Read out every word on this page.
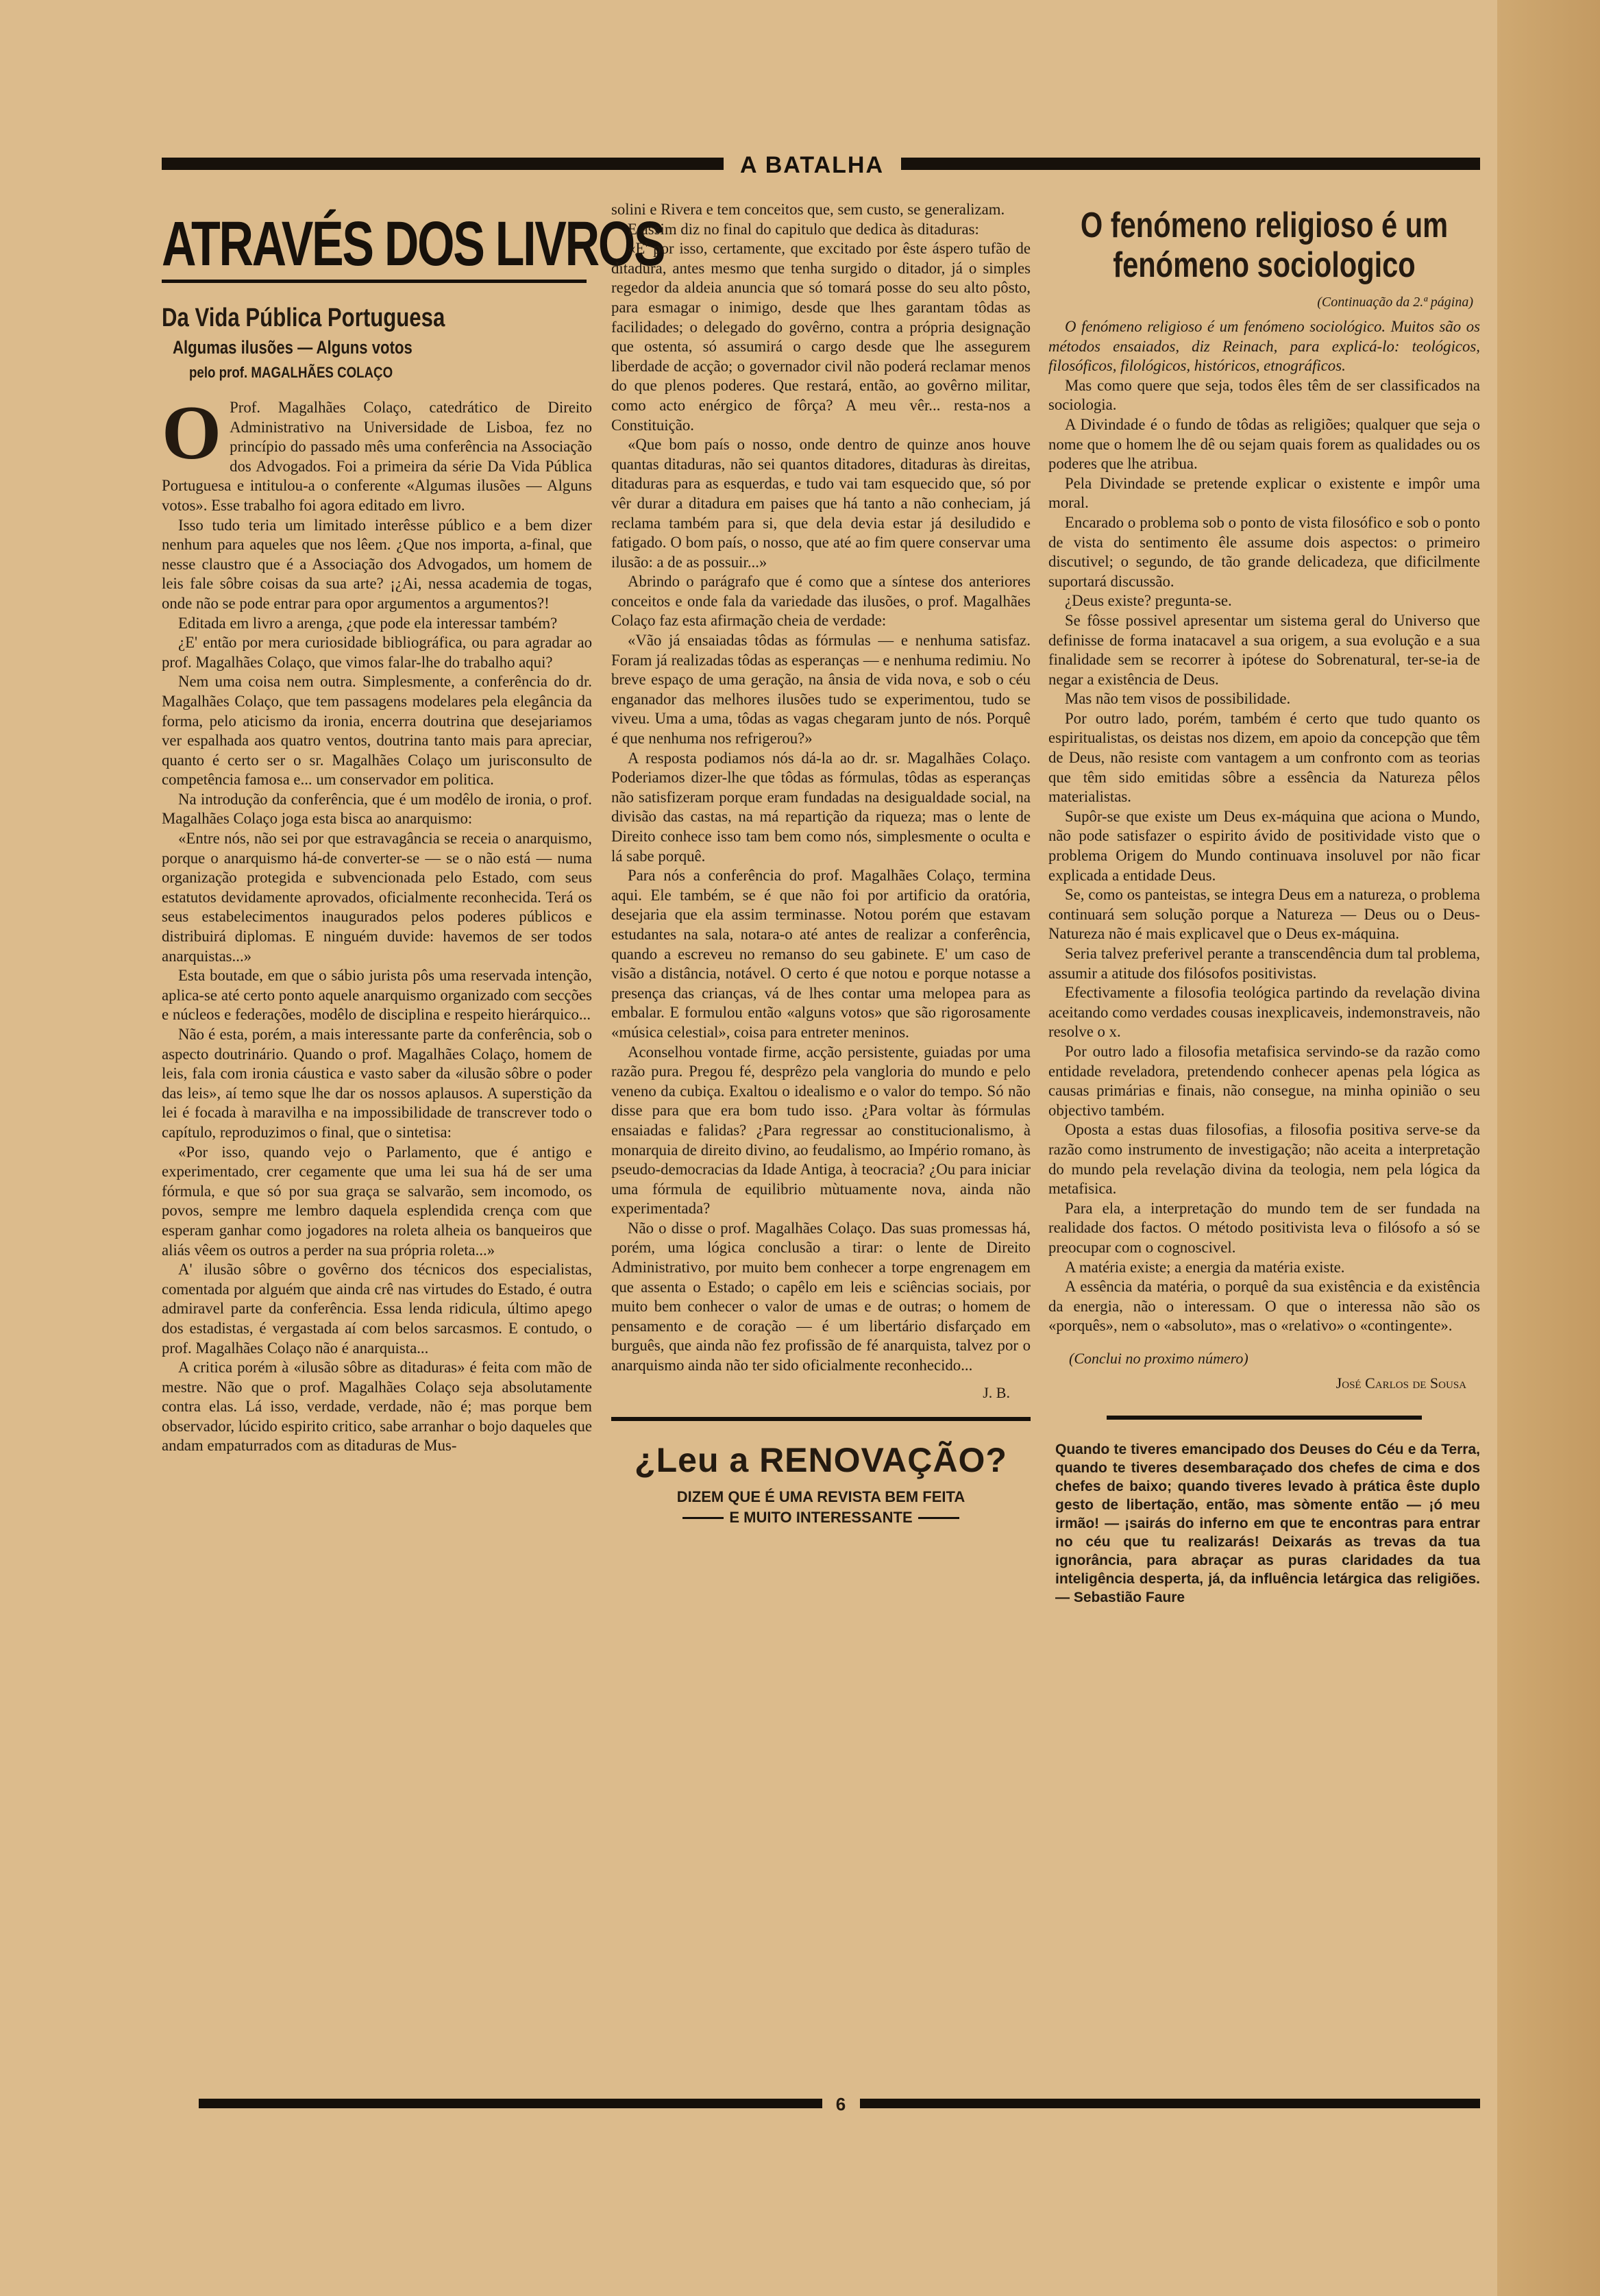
A BATALHA
ATRAVÉS DOS LIVROS
Da Vida Pública Portuguesa
Algumas ilusões — Alguns votos
pelo prof. MAGALHÃES COLAÇO

O Prof. Magalhães Colaço, catedrático de Direito Administrativo na Universidade de Lisboa, fez no princípio do passado mês uma conferência na Associação dos Advogados. Foi a primeira da série Da Vida Pública Portuguesa e intitulou-a o conferente «Algumas ilusões — Alguns votos». Esse trabalho foi agora editado em livro.

Isso tudo teria um limitado interêsse público e a bem dizer nenhum para aqueles que nos lêem. ¿Que nos importa, a-final, que nesse claustro que é a Associação dos Advogados, um homem de leis fale sôbre coisas da sua arte? ¡¿Ai, nessa academia de togas, onde não se pode entrar para opor argumentos a argumentos?!

Editada em livro a arenga, ¿que pode ela interessar também?

¿E' então por mera curiosidade bibliográfica, ou para agradar ao prof. Magalhães Colaço, que vimos falar-lhe do trabalho aqui?

Nem uma coisa nem outra. Simplesmente, a conferência do dr. Magalhães Colaço, que tem passagens modelares pela elegância da forma, pelo aticismo da ironia, encerra doutrina que desejariamos ver espalhada aos quatro ventos, doutrina tanto mais para apreciar, quanto é certo ser o sr. Magalhães Colaço um jurisconsulto de competência famosa e... um conservador em politica.

Na introdução da conferência, que é um modêlo de ironia, o prof. Magalhães Colaço joga esta bisca ao anarquismo:

«Entre nós, não sei por que estravagância se receia o anarquismo, porque o anarquismo há-de converter-se — se o não está — numa organização protegida e subvencionada pelo Estado, com seus estatutos devidamente aprovados, oficialmente reconhecida. Terá os seus estabelecimentos inaugurados pelos poderes públicos e distribuirá diplomas. E ninguém duvide: havemos de ser todos anarquistas...»

Esta boutade, em que o sábio jurista pôs uma reservada intenção, aplica-se até certo ponto aquele anarquismo organizado com secções e núcleos e federações, modêlo de disciplina e respeito hierárquico...

Não é esta, porém, a mais interessante parte da conferência, sob o aspecto doutrinário. Quando o prof. Magalhães Colaço, homem de leis, fala com ironia cáustica e vasto saber da «ilusão sôbre o poder das leis», aí temo sque lhe dar os nossos aplausos. A superstição da lei é focada à maravilha e na impossibilidade de transcrever todo o capítulo, reproduzimos o final, que o sintetisa:

«Por isso, quando vejo o Parlamento, que é antigo e experimentado, crer cegamente que uma lei sua há de ser uma fórmula, e que só por sua graça se salvarão, sem incomodo, os povos, sempre me lembro daquela esplendida crença com que esperam ganhar como jogadores na roleta alheia os banqueiros que aliás vêem os outros a perder na sua própria roleta...»

A' ilusão sôbre o govêrno dos técnicos dos especialistas, comentada por alguém que ainda crê nas virtudes do Estado, é outra admiravel parte da conferência. Essa lenda ridicula, último apego dos estadistas, é vergastada aí com belos sarcasmos. E contudo, o prof. Magalhães Colaço não é anarquista...

A critica porém à «ilusão sôbre as ditaduras» é feita com mão de mestre. Não que o prof. Magalhães Colaço seja absolutamente contra elas. Lá isso, verdade, verdade, não é; mas porque bem observador, lúcido espirito critico, sabe arranhar o bojo daqueles que andam empaturrados com as ditaduras de Mus-

solini e Rivera e tem conceitos que, sem custo, se generalizam.

E assim diz no final do capitulo que dedica às ditaduras:

«E' por isso, certamente, que excitado por êste áspero tufão de ditadura, antes mesmo que tenha surgido o ditador, já o simples regedor da aldeia anuncia que só tomará posse do seu alto pôsto, para esmagar o inimigo, desde que lhes garantam tôdas as facilidades; o delegado do govêrno, contra a própria designação que ostenta, só assumirá o cargo desde que lhe assegurem liberdade de acção; o governador civil não poderá reclamar menos do que plenos poderes. Que restará, então, ao govêrno militar, como acto enérgico de fôrça? A meu vêr... resta-nos a Constituição.

«Que bom país o nosso, onde dentro de quinze anos houve quantas ditaduras, não sei quantos ditadores, ditaduras às direitas, ditaduras para as esquerdas, e tudo vai tam esquecido que, só por vêr durar a ditadura em paises que há tanto a não conheciam, já reclama também para si, que dela devia estar já desiludido e fatigado. O bom país, o nosso, que até ao fim quere conservar uma ilusão: a de as possuir...»

Abrindo o parágrafo que é como que a síntese dos anteriores conceitos e onde fala da variedade das ilusões, o prof. Magalhães Colaço faz esta afirmação cheia de verdade:

«Vão já ensaiadas tôdas as fórmulas — e nenhuma satisfaz. Foram já realizadas tôdas as esperanças — e nenhuma redimiu. No breve espaço de uma geração, na ânsia de vida nova, e sob o céu enganador das melhores ilusões tudo se experimentou, tudo se viveu. Uma a uma, tôdas as vagas chegaram junto de nós. Porquê é que nenhuma nos refrigerou?»

A resposta podiamos nós dá-la ao dr. sr. Magalhães Colaço. Poderiamos dizer-lhe que tôdas as fórmulas, tôdas as esperanças não satisfizeram porque eram fundadas na desigualdade social, na divisão das castas, na má repartição da riqueza; mas o lente de Direito conhece isso tam bem como nós, simplesmente o oculta e lá sabe porquê.

Para nós a conferência do prof. Magalhães Colaço, termina aqui. Ele também, se é que não foi por artificio da oratória, desejaria que ela assim terminasse. Notou porém que estavam estudantes na sala, notara-o até antes de realizar a conferência, quando a escreveu no remanso do seu gabinete. E' um caso de visão a distância, notável. O certo é que notou e porque notasse a presença das crianças, vá de lhes contar uma melopea para as embalar. E formulou então «alguns votos» que são rigorosamente «música celestial», coisa para entreter meninos.

Aconselhou vontade firme, acção persistente, guiadas por uma razão pura. Pregou fé, desprêzo pela vangloria do mundo e pelo veneno da cubiça. Exaltou o idealismo e o valor do tempo. Só não disse para que era bom tudo isso. ¿Para voltar às fórmulas ensaiadas e falidas? ¿Para regressar ao constitucionalismo, à monarquia de direito divino, ao feudalismo, ao Império romano, às pseudo-democracias da Idade Antiga, à teocracia? ¿Ou para iniciar uma fórmula de equilibrio mùtuamente nova, ainda não experimentada?

Não o disse o prof. Magalhães Colaço. Das suas promessas há, porém, uma lógica conclusão a tirar: o lente de Direito Administrativo, por muito bem conhecer a torpe engrenagem em que assenta o Estado; o capêlo em leis e sciências sociais, por muito bem conhecer o valor de umas e de outras; o homem de pensamento e de coração — é um libertário disfarçado em burguês, que ainda não fez profissão de fé anarquista, talvez por o anarquismo ainda não ter sido oficialmente reconhecido...

J. B.
¿Leu a RENOVAÇÃO?
DIZEM QUE É UMA REVISTA BEM FEITA
E MUITO INTERESSANTE
O fenómeno religioso é um fenómeno sociologico
(Continuação da 2.ª página)

O fenómeno religioso é um fenómeno sociológico. Muitos são os métodos ensaiados, diz Reinach, para explicá-lo: teológicos, filosóficos, filológicos, históricos, etnográficos.

Mas como quere que seja, todos êles têm de ser classificados na sociologia.

A Divindade é o fundo de tôdas as religiões; qualquer que seja o nome que o homem lhe dê ou sejam quais forem as qualidades ou os poderes que lhe atribua.

Pela Divindade se pretende explicar o existente e impôr uma moral.

Encarado o problema sob o ponto de vista filosófico e sob o ponto de vista do sentimento êle assume dois aspectos: o primeiro discutivel; o segundo, de tão grande delicadeza, que dificilmente suportará discussão.

¿Deus existe? pregunta-se.

Se fôsse possivel apresentar um sistema geral do Universo que definisse de forma inatacavel a sua origem, a sua evolução e a sua finalidade sem se recorrer à ipótese do Sobrenatural, ter-se-ia de negar a existência de Deus.

Mas não tem visos de possibilidade.

Por outro lado, porém, também é certo que tudo quanto os espiritualistas, os deistas nos dizem, em apoio da concepção que têm de Deus, não resiste com vantagem a um confronto com as teorias que têm sido emitidas sôbre a essência da Natureza pêlos materialistas.

Supôr-se que existe um Deus ex-máquina que aciona o Mundo, não pode satisfazer o espirito ávido de positividade visto que o problema Origem do Mundo continuava insoluvel por não ficar explicada a entidade Deus.

Se, como os panteistas, se integra Deus em a natureza, o problema continuará sem solução porque a Natureza — Deus ou o Deus-Natureza não é mais explicavel que o Deus ex-máquina.

Seria talvez preferivel perante a transcendência dum tal problema, assumir a atitude dos filósofos positivistas.

Efectivamente a filosofia teológica partindo da revelação divina aceitando como verdades cousas inexplicaveis, indemonstraveis, não resolve o x.

Por outro lado a filosofia metafisica servindo-se da razão como entidade reveladora, pretendendo conhecer apenas pela lógica as causas primárias e finais, não consegue, na minha opinião o seu objectivo também.

Oposta a estas duas filosofias, a filosofia positiva serve-se da razão como instrumento de investigação; não aceita a interpretação do mundo pela revelação divina da teologia, nem pela lógica da metafisica.

Para ela, a interpretação do mundo tem de ser fundada na realidade dos factos. O método positivista leva o filósofo a só se preocupar com o cognoscivel.

A matéria existe; a energia da matéria existe.

A essência da matéria, o porquê da sua existência e da existência da energia, não o interessam. O que o interessa não são os «porquês», nem o «absoluto», mas o «relativo» o «contingente».

(Conclui no proximo número)
José Carlos de Sousa
Quando te tiveres emancipado dos Deuses do Céu e da Terra, quando te tiveres desembaraçado dos chefes de cima e dos chefes de baixo; quando tiveres levado à prática êste duplo gesto de libertação, então, mas sòmente então — ¡ó meu irmão! — ¡sairás do inferno em que te encontras para entrar no céu que tu realizarás! Deixarás as trevas da tua ignorância, para abraçar as puras claridades da tua inteligência desperta, já, da influência letárgica das religiões. — Sebastião Faure
6
